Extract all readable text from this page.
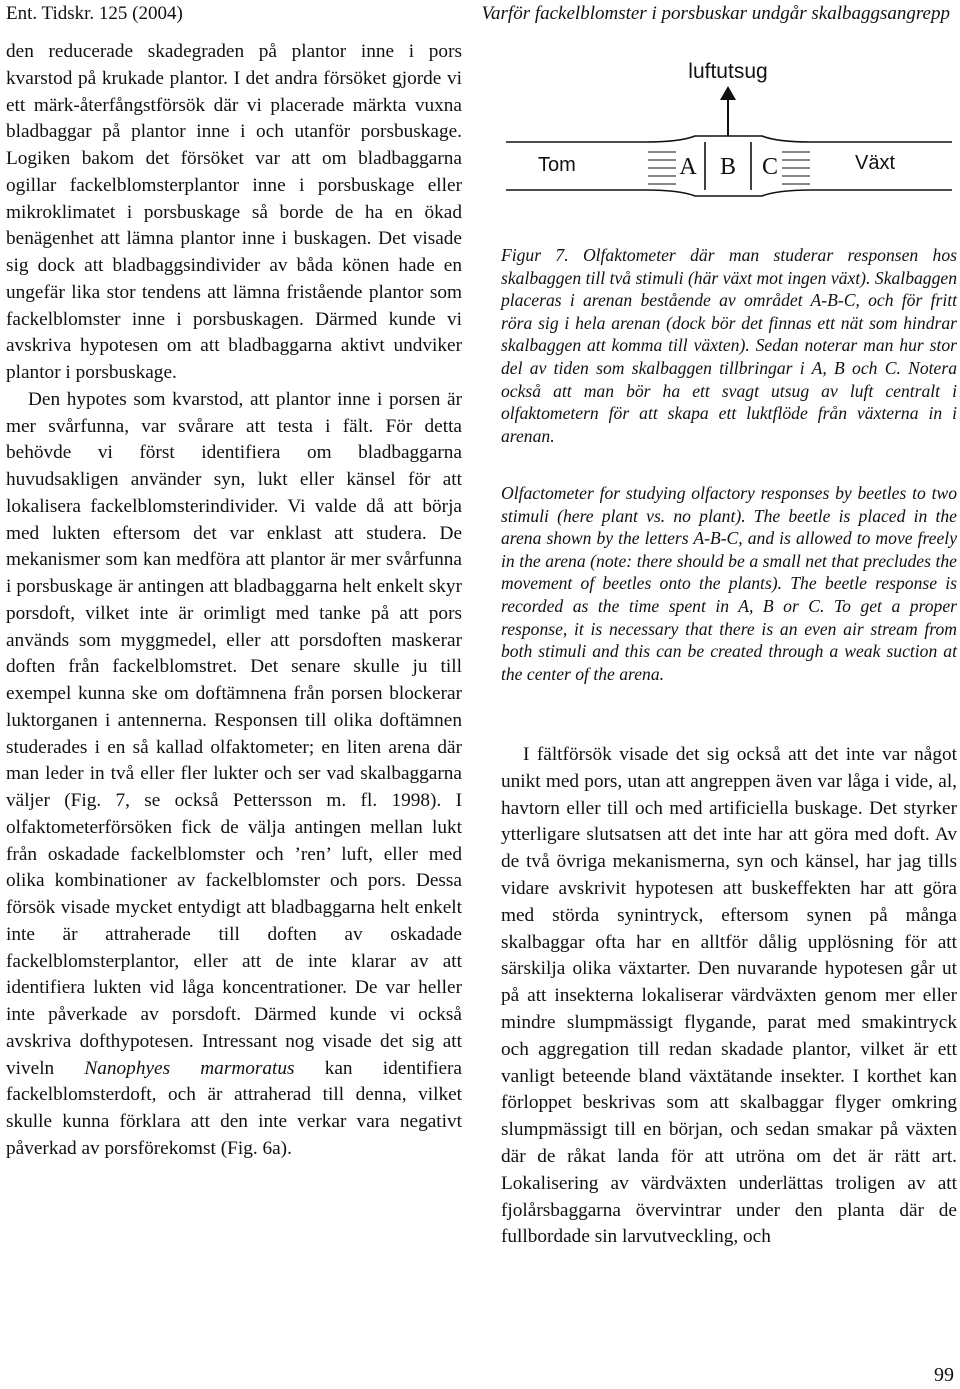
Ent. Tidskr. 125 (2004)	Varför fackelblomster i porsbuskar undgår skalbaggsangrepp

den reducerade skadegraden på plantor inne i pors kvarstod på krukade plantor. I det andra försöket gjorde vi ett märk-återfångstförsök där vi placerade märkta vuxna bladbaggar på plantor inne i och utanför porsbuskage. Logiken bakom det försöket var att om bladbaggarna ogillar fackelblomsterplantor inne i porsbuskage eller mikroklimatet i porsbuskage så borde de ha en ökad benägenhet att lämna plantor inne i buskagen. Det visade sig dock att bladbaggsindivider av båda könen hade en ungefär lika stor tendens att lämna fristående plantor som fackelblomster inne i porsbuskagen. Därmed kunde vi avskriva hypotesen om att bladbaggarna aktivt undviker plantor i porsbuskage.

Den hypotes som kvarstod, att plantor inne i porsen är mer svårfunna, var svårare att testa i fält. För detta behövde vi först identifiera om bladbaggarna huvudsakligen använder syn, lukt eller känsel för att lokalisera fackelblomsterindivider. Vi valde då att börja med lukten eftersom det var enklast att studera. De mekanismer som kan medföra att plantor är mer svårfunna i porsbuskage är antingen att bladbaggarna helt enkelt skyr porsdoft, vilket inte är orimligt med tanke på att pors används som myggmedel, eller att porsdoften maskerar doften från fackelblomstret. Det senare skulle ju till exempel kunna ske om doftämnena från porsen blockerar luktorganen i antennerna. Responsen till olika doftämnen studerades i en så kallad olfaktometer; en liten arena där man leder in två eller fler lukter och ser vad skalbaggarna väljer (Fig. 7, se också Pettersson m. fl. 1998). I olfaktometerförsöken fick de välja antingen mellan lukt från oskadade fackelblomster och ’ren’ luft, eller med olika kombinationer av fackelblomster och pors. Dessa försök visade mycket entydigt att bladbaggarna helt enkelt inte är attraherade till doften av oskadade fackelblomsterplantor, eller att de inte klarar av att identifiera lukten vid låga koncentrationer. De var heller inte påverkade av porsdoft. Därmed kunde vi också avskriva dofthypotesen. Intressant nog visade det sig att viveln Nanophyes marmoratus kan identifiera fackelblomsterdoft, och är attraherad till denna, vilket skulle kunna förklara att den inte verkar vara negativt påverkad av porsförekomst (Fig. 6a).

luftutsug
A B C
Tom	Växt

Figur 7. Olfaktometer där man studerar responsen hos skalbaggen till två stimuli (här växt mot ingen växt). Skalbaggen placeras i arenan bestående av området A-B-C, och för fritt röra sig i hela arenan (dock bör det finnas ett nät som hindrar skalbaggen att komma till växten). Sedan noterar man hur stor del av tiden som skalbaggen tillbringar i A, B och C. Notera också att man bör ha ett svagt utsug av luft centralt i olfaktometern för att skapa ett luktflöde från växterna in i arenan.

Olfactometer for studying olfactory responses by beetles to two stimuli (here plant vs. no plant). The beetle is placed in the arena shown by the letters A-B-C, and is allowed to move freely in the arena (note: there should be a small net that precludes the movement of beetles onto the plants). The beetle response is recorded as the time spent in A, B or C. To get a proper response, it is necessary that there is an even air stream from both stimuli and this can be created through a weak suction at the center of the arena.

I fältförsök visade det sig också att det inte var något unikt med pors, utan att angreppen även var låga i vide, al, havtorn eller till och med artificiella buskage. Det styrker ytterligare slutsatsen att det inte har att göra med doft. Av de två övriga mekanismerna, syn och känsel, har jag tills vidare avskrivit hypotesen att buskeffekten har att göra med störda synintryck, eftersom synen på många skalbaggar ofta har en alltför dålig upplösning för att särskilja olika växtarter. Den nuvarande hypotesen går ut på att insekterna lokaliserar värdväxten genom mer eller mindre slumpmässigt flygande, parat med smakintryck och aggregation till redan skadade plantor, vilket är ett vanligt beteende bland växtätande insekter. I korthet kan förloppet beskrivas som att skalbaggar flyger omkring slumpmässigt till en början, och sedan smakar på växten där de råkat landa för att utröna om det är rätt art. Lokalisering av värdväxten underlättas troligen av att fjolårsbaggarna övervintrar under den planta där de fullbordade sin larvutveckling, och

99
